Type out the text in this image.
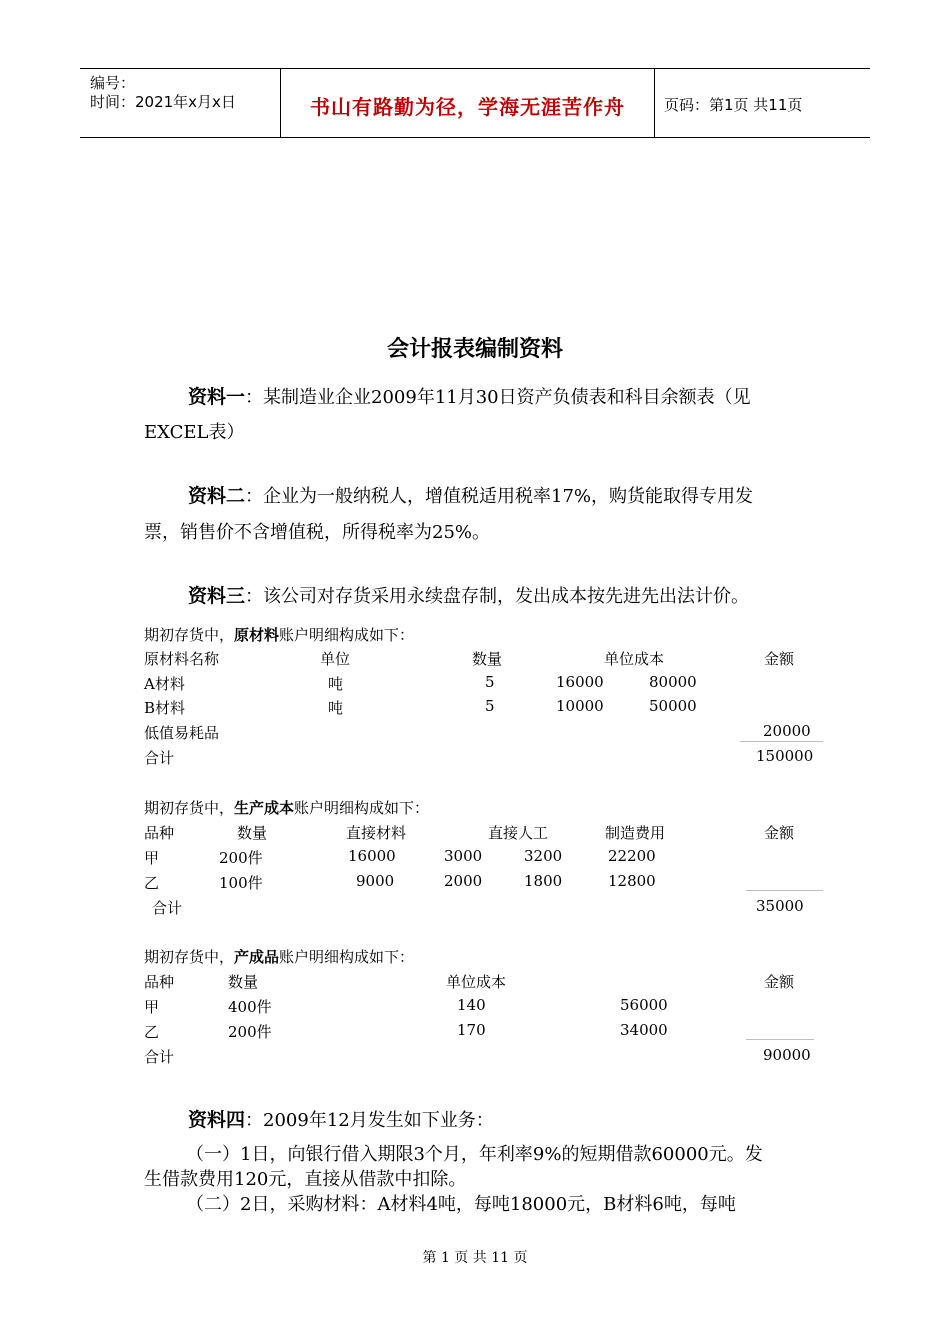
编号：
时间：2021年x月x日	书山有路勤为径，学海无涯苦作舟	页码：第1页 共11页
会计报表编制资料
资料一：某制造业企业2009年11月30日资产负债表和科目余额表（见
EXCEL表）
资料二：企业为一般纳税人，增值税适用税率17%，购货能取得专用发
票，销售价不含增值税，所得税率为25%。
资料三：该公司对存货采用永续盘存制，发出成本按先进先出法计价。
期初存货中，原材料账户明细构成如下：
原材料名称	单位	数量	单位成本	金额
A材料	吨	5	16000	80000
B材料	吨	5	10000	50000
低值易耗品	20000
合计	150000
期初存货中，生产成本账户明细构成如下：
品种	数量	直接材料	直接人工	制造费用	金额
甲	200件	16000	3000	3200	22200
乙	100件	9000	2000	1800	12800
合计	35000
期初存货中，产成品账户明细构成如下：
品种	数量	单位成本	金额
甲	400件	140	56000
乙	200件	170	34000
合计	90000
资料四：2009年12月发生如下业务：
（一）1日，向银行借入期限3个月，年利率9%的短期借款60000元。发
生借款费用120元，直接从借款中扣除。
（二）2日，采购材料：A材料4吨，每吨18000元，B材料6吨，每吨
第 1 页 共 11 页
